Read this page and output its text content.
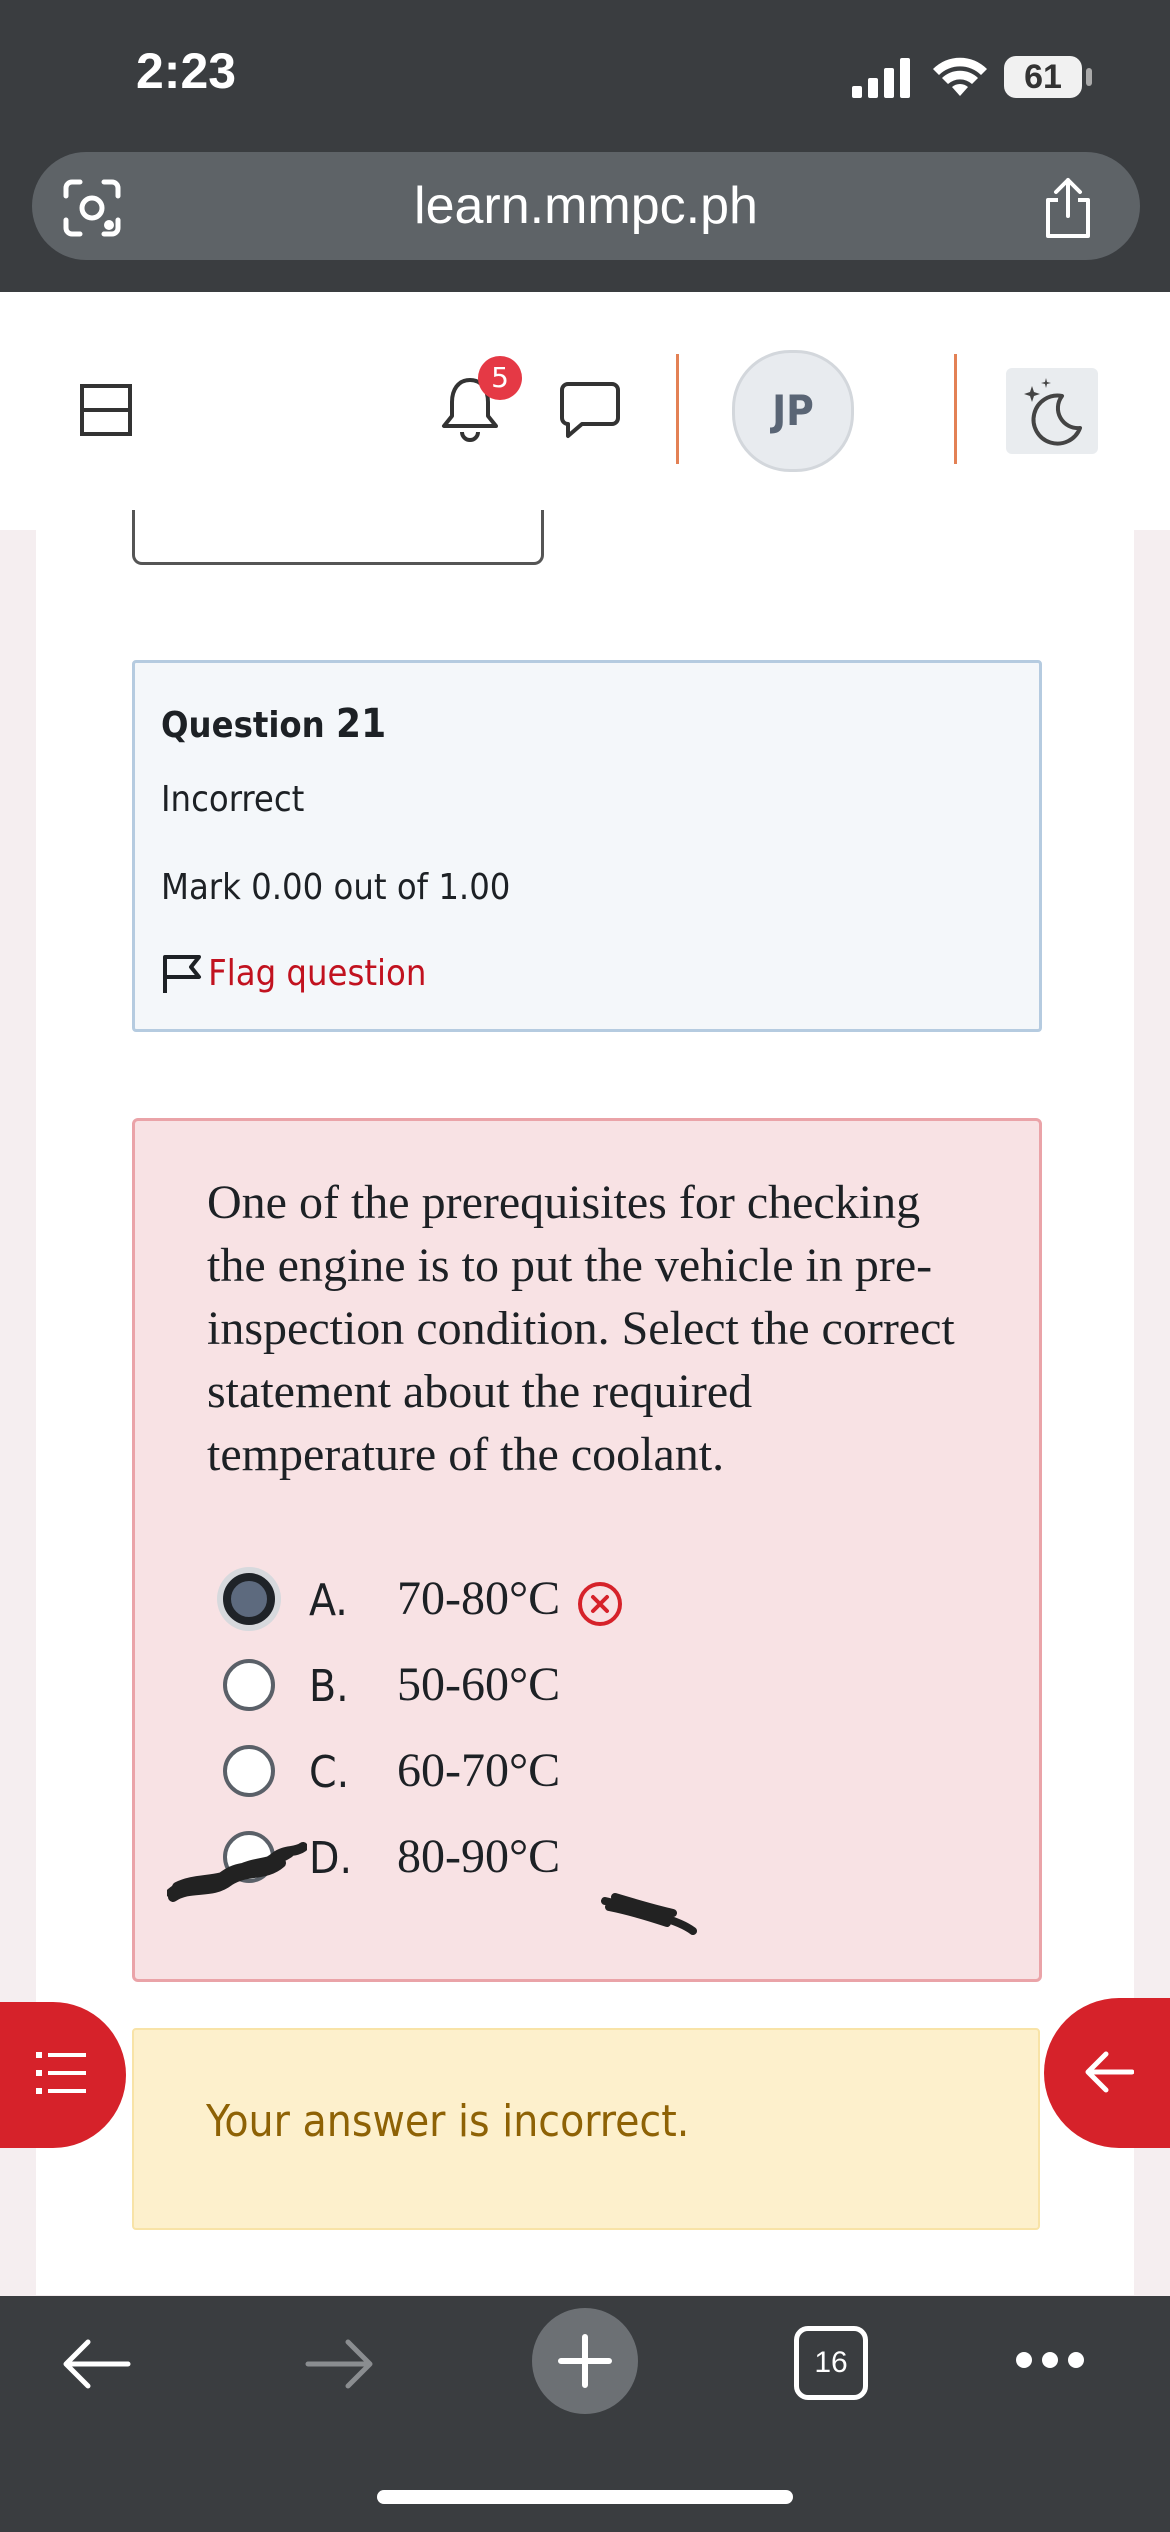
2:23	61
learn.mmpc.ph
5
JP
Question 21
Incorrect
Mark 0.00 out of 1.00
Flag question
One of the prerequisites for checking the engine is to put the vehicle in pre-inspection condition. Select the correct statement about the required temperature of the coolant.
A. 70-80°C
B. 50-60°C
C. 60-70°C
D. 80-90°C
Your answer is incorrect.
16
